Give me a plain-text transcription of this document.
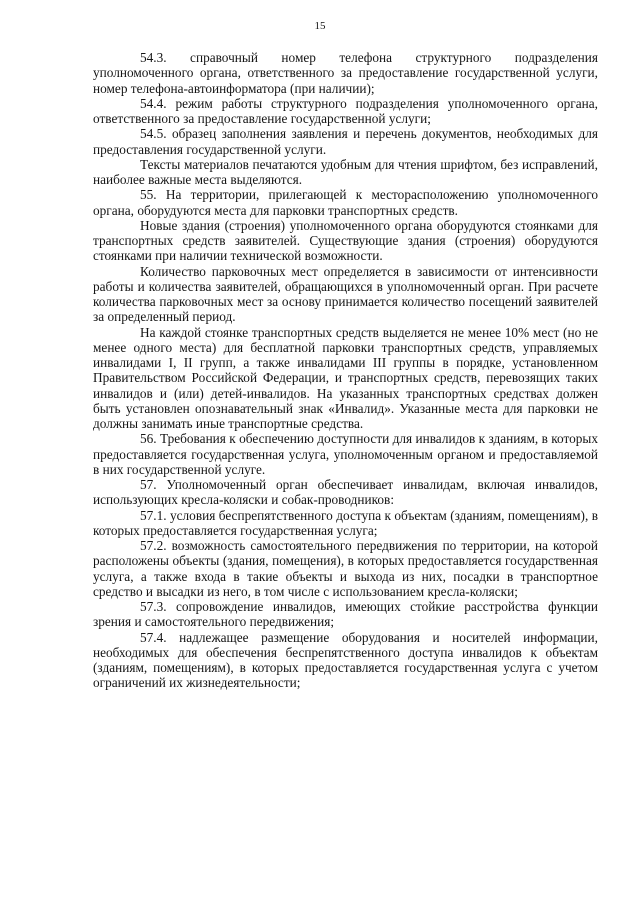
15

54.3. справочный номер телефона структурного подразделения уполномоченного органа, ответственного за предоставление государственной услуги, номер телефона-автоинформатора (при наличии);

54.4. режим работы структурного подразделения уполномоченного органа, ответственного за предоставление государственной услуги;

54.5. образец заполнения заявления и перечень документов, необходимых для предоставления государственной услуги.

Тексты материалов печатаются удобным для чтения шрифтом, без исправлений, наиболее важные места выделяются.

55. На территории, прилегающей к месторасположению уполномоченного органа, оборудуются места для парковки транспортных средств.

Новые здания (строения) уполномоченного органа оборудуются стоянками для транспортных средств заявителей. Существующие здания (строения) оборудуются стоянками при наличии технической возможности.

Количество парковочных мест определяется в зависимости от интенсивности работы и количества заявителей, обращающихся в уполномоченный орган. При расчете количества парковочных мест за основу принимается количество посещений заявителей за определенный период.

На каждой стоянке транспортных средств выделяется не менее 10% мест (но не менее одного места) для бесплатной парковки транспортных средств, управляемых инвалидами I, II групп, а также инвалидами III группы в порядке, установленном Правительством Российской Федерации, и транспортных средств, перевозящих таких инвалидов и (или) детей-инвалидов. На указанных транспортных средствах должен быть установлен опознавательный знак «Инвалид». Указанные места для парковки не должны занимать иные транспортные средства.

56. Требования к обеспечению доступности для инвалидов к зданиям, в которых предоставляется государственная услуга, уполномоченным органом и предоставляемой в них государственной услуге.

57. Уполномоченный орган обеспечивает инвалидам, включая инвалидов, использующих кресла-коляски и собак-проводников:

57.1. условия беспрепятственного доступа к объектам (зданиям, помещениям), в которых предоставляется государственная услуга;

57.2. возможность самостоятельного передвижения по территории, на которой расположены объекты (здания, помещения), в которых предоставляется государственная услуга, а также входа в такие объекты и выхода из них, посадки в транспортное средство и высадки из него, в том числе с использованием кресла-коляски;

57.3. сопровождение инвалидов, имеющих стойкие расстройства функции зрения и самостоятельного передвижения;

57.4. надлежащее размещение оборудования и носителей информации, необходимых для обеспечения беспрепятственного доступа инвалидов к объектам (зданиям, помещениям), в которых предоставляется государственная услуга с учетом ограничений их жизнедеятельности;
